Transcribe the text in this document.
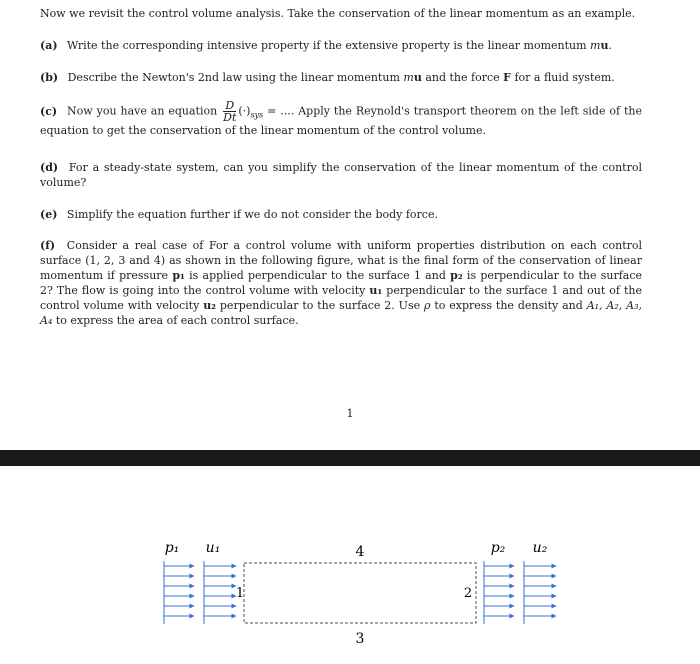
Now we revisit the control volume analysis. Take the conservation of the linear momentum as an example.

(a) Write the corresponding intensive property if the extensive property is the linear momentum mu.

(b) Describe the Newton's 2nd law using the linear momentum mu and the force F for a fluid system.

(c) Now you have an equation $\frac{D}{Dt} (\cdot)_{sys}$ = .... Apply the Reynold's transport theorem on the left side of the equation to get the conservation of the linear momentum of the control volume.

(d) For a steady-state system, can you simplify the conservation of the linear momentum of the control volume?

(e) Simplify the equation further if we do not consider the body force.

(f) Consider a real case of For a control volume with uniform properties distribution on each control surface (1, 2, 3 and 4) as shown in the following figure, what is the final form of the conservation of linear momentum if pressure p₁ is applied perpendicular to the surface 1 and p₂ is perpendicular to the surface 2? The flow is going into the control volume with velocity u₁ perpendicular to the surface 1 and out of the control volume with velocity u₂ perpendicular to the surface 2. Use ρ to express the density and A₁, A₂, A₃, A₄ to express the area of each control surface.

1
p₁ u₁	p₂ u₂
4
3
1	2
